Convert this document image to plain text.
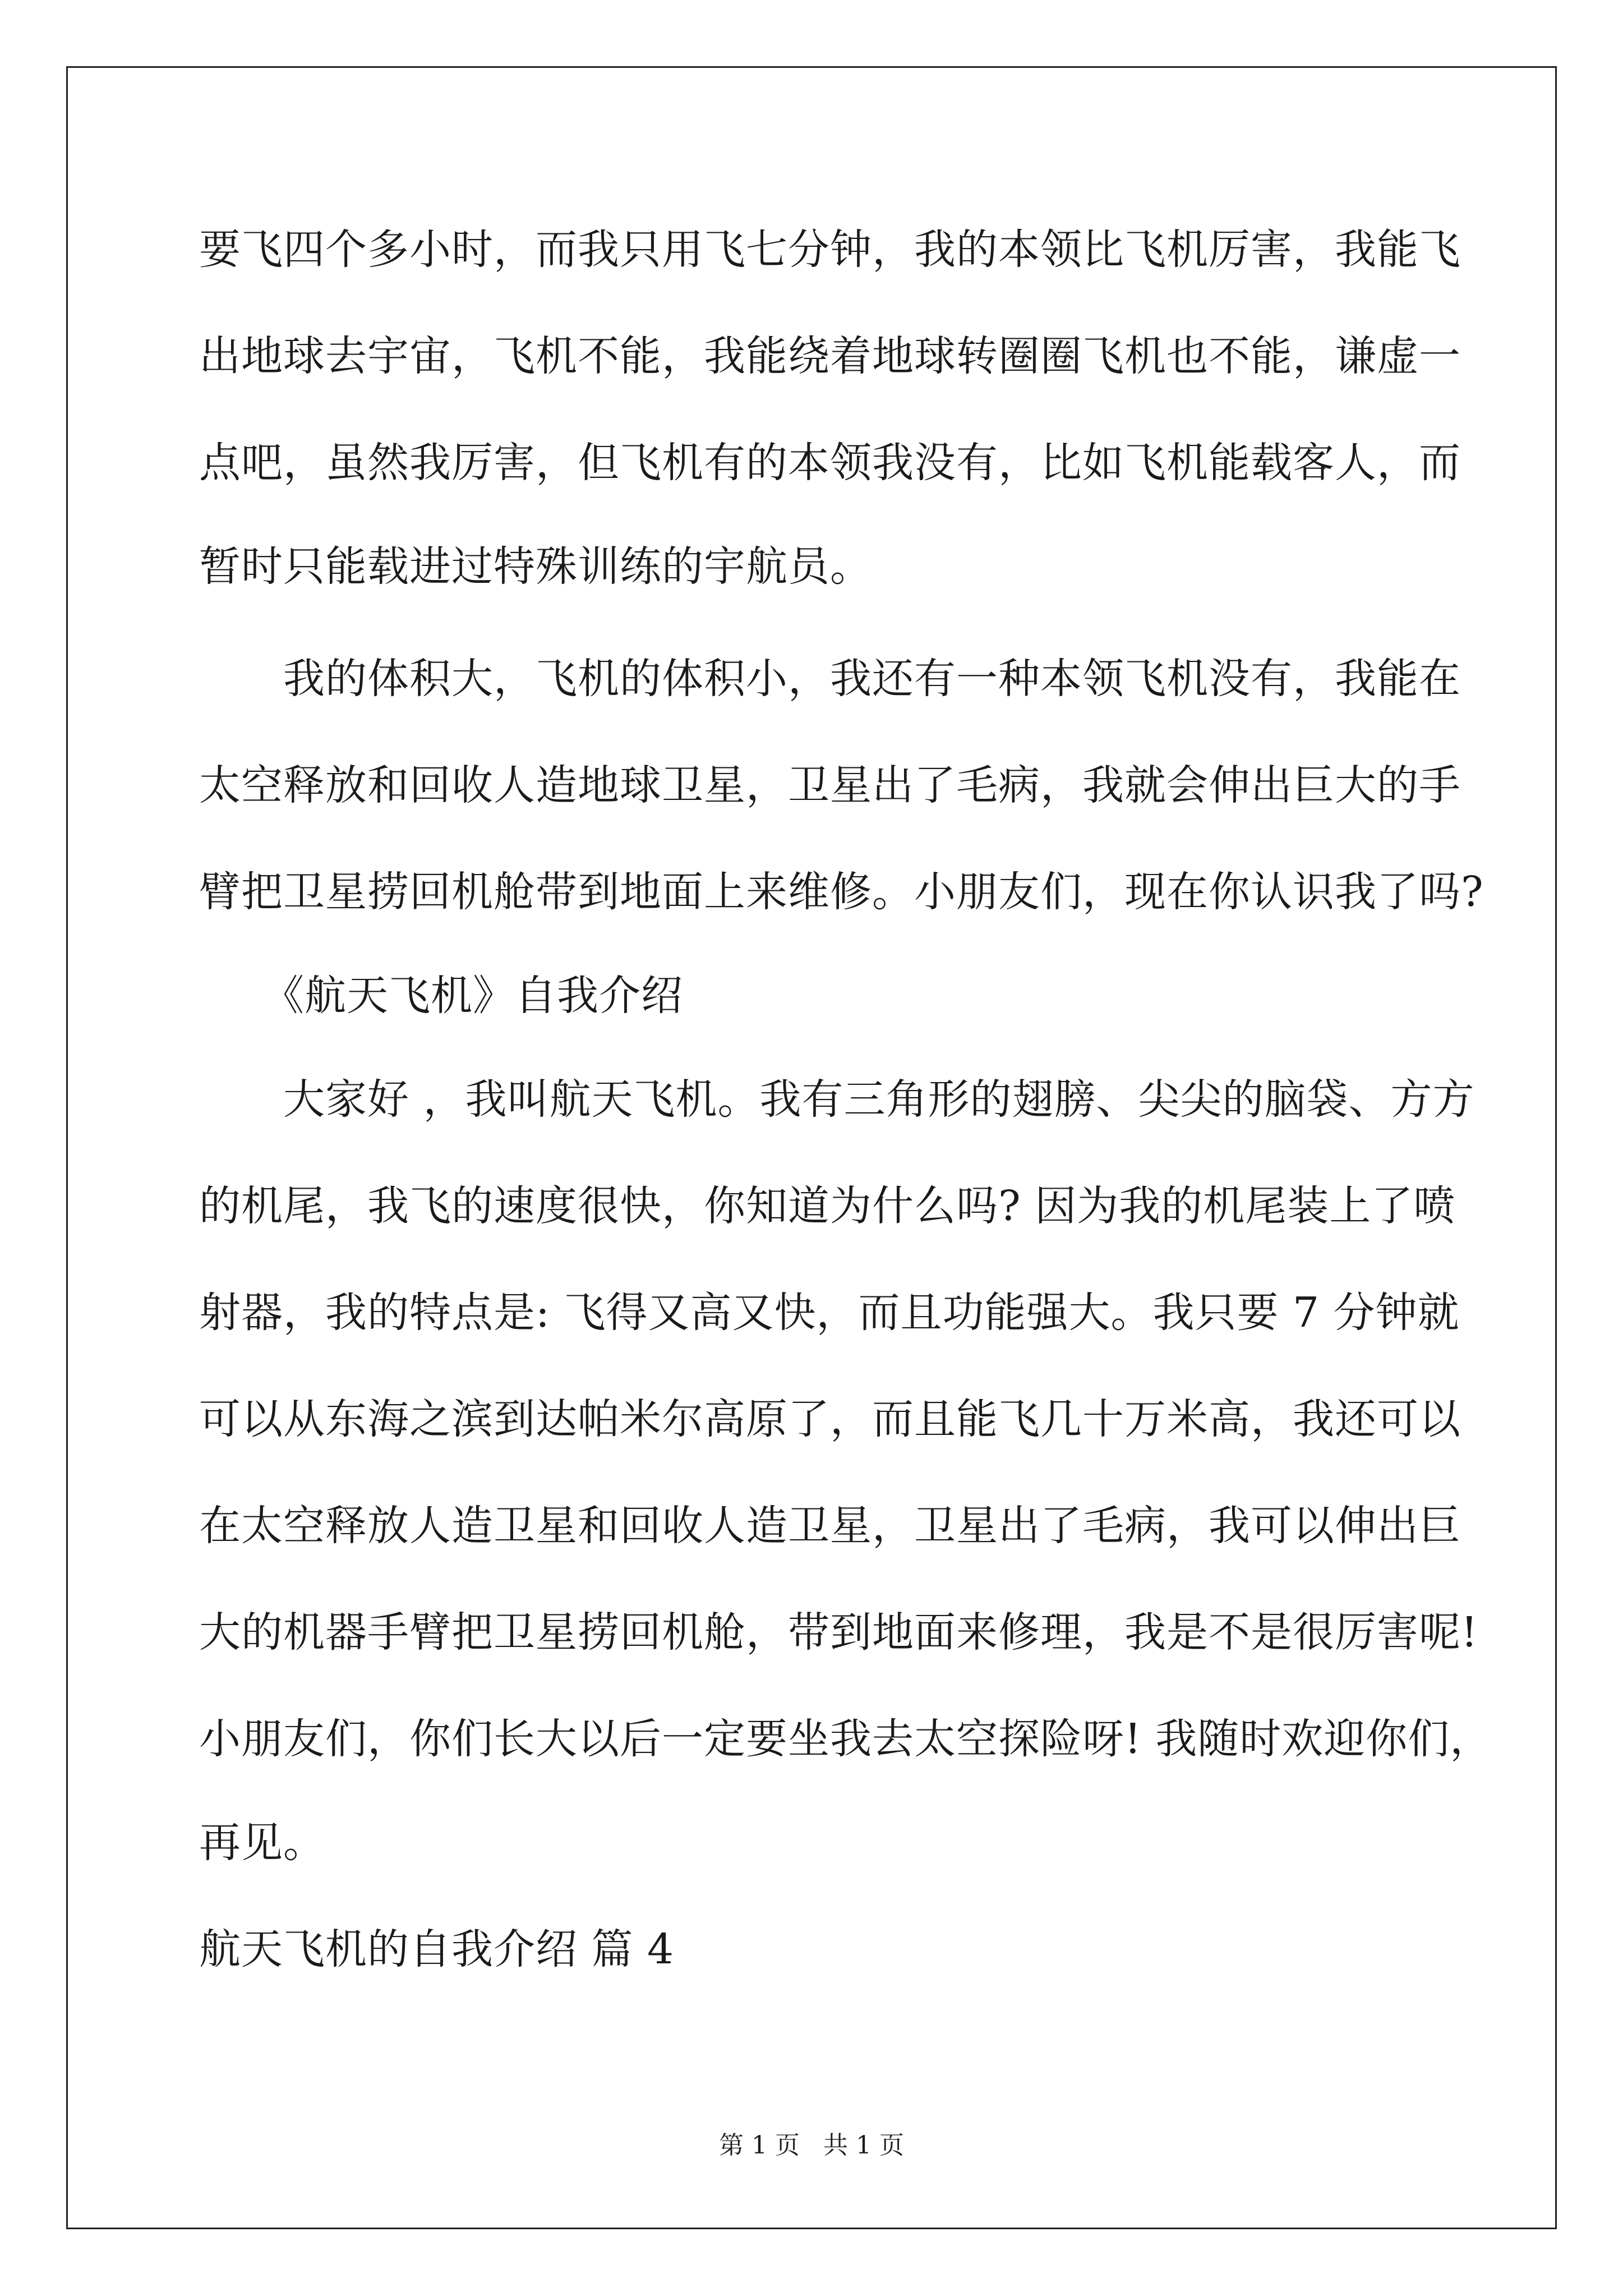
要飞四个多小时，而我只用飞七分钟，我的本领比飞机厉害，我能飞
出地球去宇宙，飞机不能，我能绕着地球转圈圈飞机也不能，谦虚一
点吧，虽然我厉害，但飞机有的本领我没有，比如飞机能载客人，而
暂时只能载进过特殊训练的宇航员。
　　我的体积大，飞机的体积小，我还有一种本领飞机没有，我能在
太空释放和回收人造地球卫星，卫星出了毛病，我就会伸出巨大的手
臂把卫星捞回机舱带到地面上来维修。小朋友们，现在你认识我了吗?
　　《航天飞机》自我介绍
　　大家好 ，我叫航天飞机。我有三角形的翅膀、尖尖的脑袋、方方
的机尾，我飞的速度很快，你知道为什么吗? 因为我的机尾装上了喷
射器，我的特点是: 飞得又高又快，而且功能强大。我只要 7 分钟就
可以从东海之滨到达帕米尔高原了，而且能飞几十万米高，我还可以
在太空释放人造卫星和回收人造卫星，卫星出了毛病，我可以伸出巨
大的机器手臂把卫星捞回机舱，带到地面来修理，我是不是很厉害呢!
小朋友们，你们长大以后一定要坐我去太空探险呀! 我随时欢迎你们，
再见。
航天飞机的自我介绍 篇 4
第 1 页   共 1 页
